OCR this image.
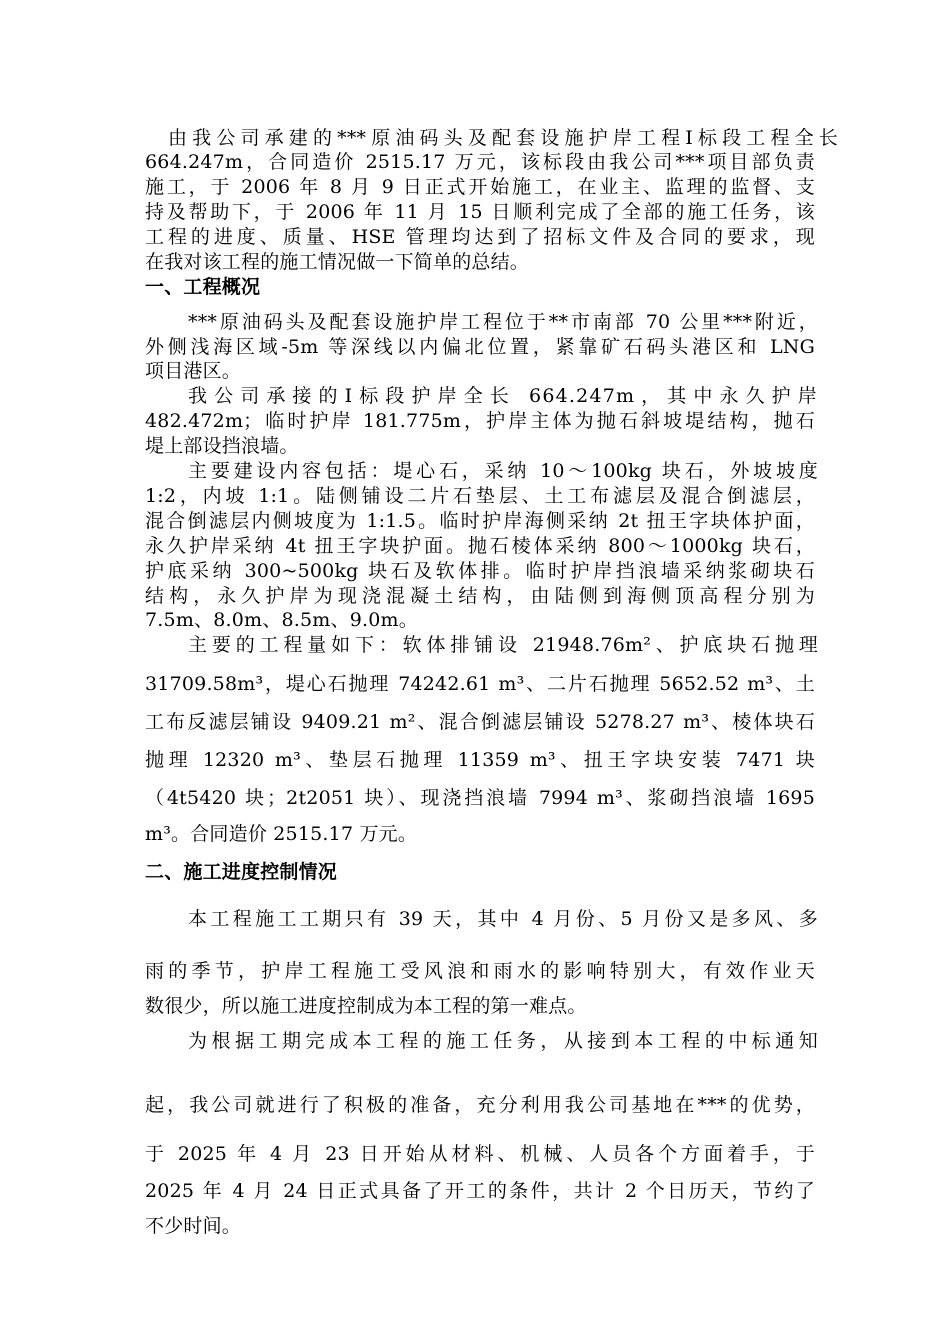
由我公司承建的***原油码头及配套设施护岸工程Ⅰ标段工程全长
664.247m，合同造价 2515.17 万元，该标段由我公司***项目部负责
施工，于 2006 年 8 月 9 日正式开始施工，在业主、监理的监督、支
持及帮助下，于 2006 年 11 月 15 日顺利完成了全部的施工任务，该
工程的进度、质量、HSE 管理均达到了招标文件及合同的要求，现
在我对该工程的施工情况做一下简单的总结。
一、工程概况
***原油码头及配套设施护岸工程位于**市南部 70 公里***附近，
外侧浅海区域-5m 等深线以内偏北位置，紧靠矿石码头港区和 LNG
项目港区。
我公司承接的Ⅰ标段护岸全长 664.247m，其中永久护岸
482.472m；临时护岸 181.775m，护岸主体为抛石斜坡堤结构，抛石
堤上部设挡浪墙。
主要建设内容包括：堤心石，采纳 10～100kg 块石，外坡坡度
1:2，内坡 1:1。陆侧铺设二片石垫层、土工布滤层及混合倒滤层，
混合倒滤层内侧坡度为 1:1.5。临时护岸海侧采纳 2t 扭王字块体护面，
永久护岸采纳 4t 扭王字块护面。抛石棱体采纳 800～1000kg 块石，
护底采纳 300~500kg 块石及软体排。临时护岸挡浪墙采纳浆砌块石
结构，永久护岸为现浇混凝土结构，由陆侧到海侧顶高程分别为
7.5m、8.0m、8.5m、9.0m。
主要的工程量如下：软体排铺设 21948.76m²、护底块石抛理
31709.58m³，堤心石抛理 74242.61 m³、二片石抛理 5652.52 m³、土
工布反滤层铺设 9409.21 m²、混合倒滤层铺设 5278.27 m³、棱体块石
抛理 12320 m³、垫层石抛理 11359 m³、扭王字块安装 7471 块
（4t5420 块；2t2051 块）、现浇挡浪墙 7994 m³、浆砌挡浪墙 1695
m³。合同造价 2515.17 万元。
二、施工进度控制情况
本工程施工工期只有 39 天，其中 4 月份、5 月份又是多风、多
雨的季节，护岸工程施工受风浪和雨水的影响特别大，有效作业天
数很少，所以施工进度控制成为本工程的第一难点。
为根据工期完成本工程的施工任务，从接到本工程的中标通知
起，我公司就进行了积极的准备，充分利用我公司基地在***的优势，
于 2025 年 4 月 23 日开始从材料、机械、人员各个方面着手，于
2025 年 4 月 24 日正式具备了开工的条件，共计 2 个日历天，节约了
不少时间。
